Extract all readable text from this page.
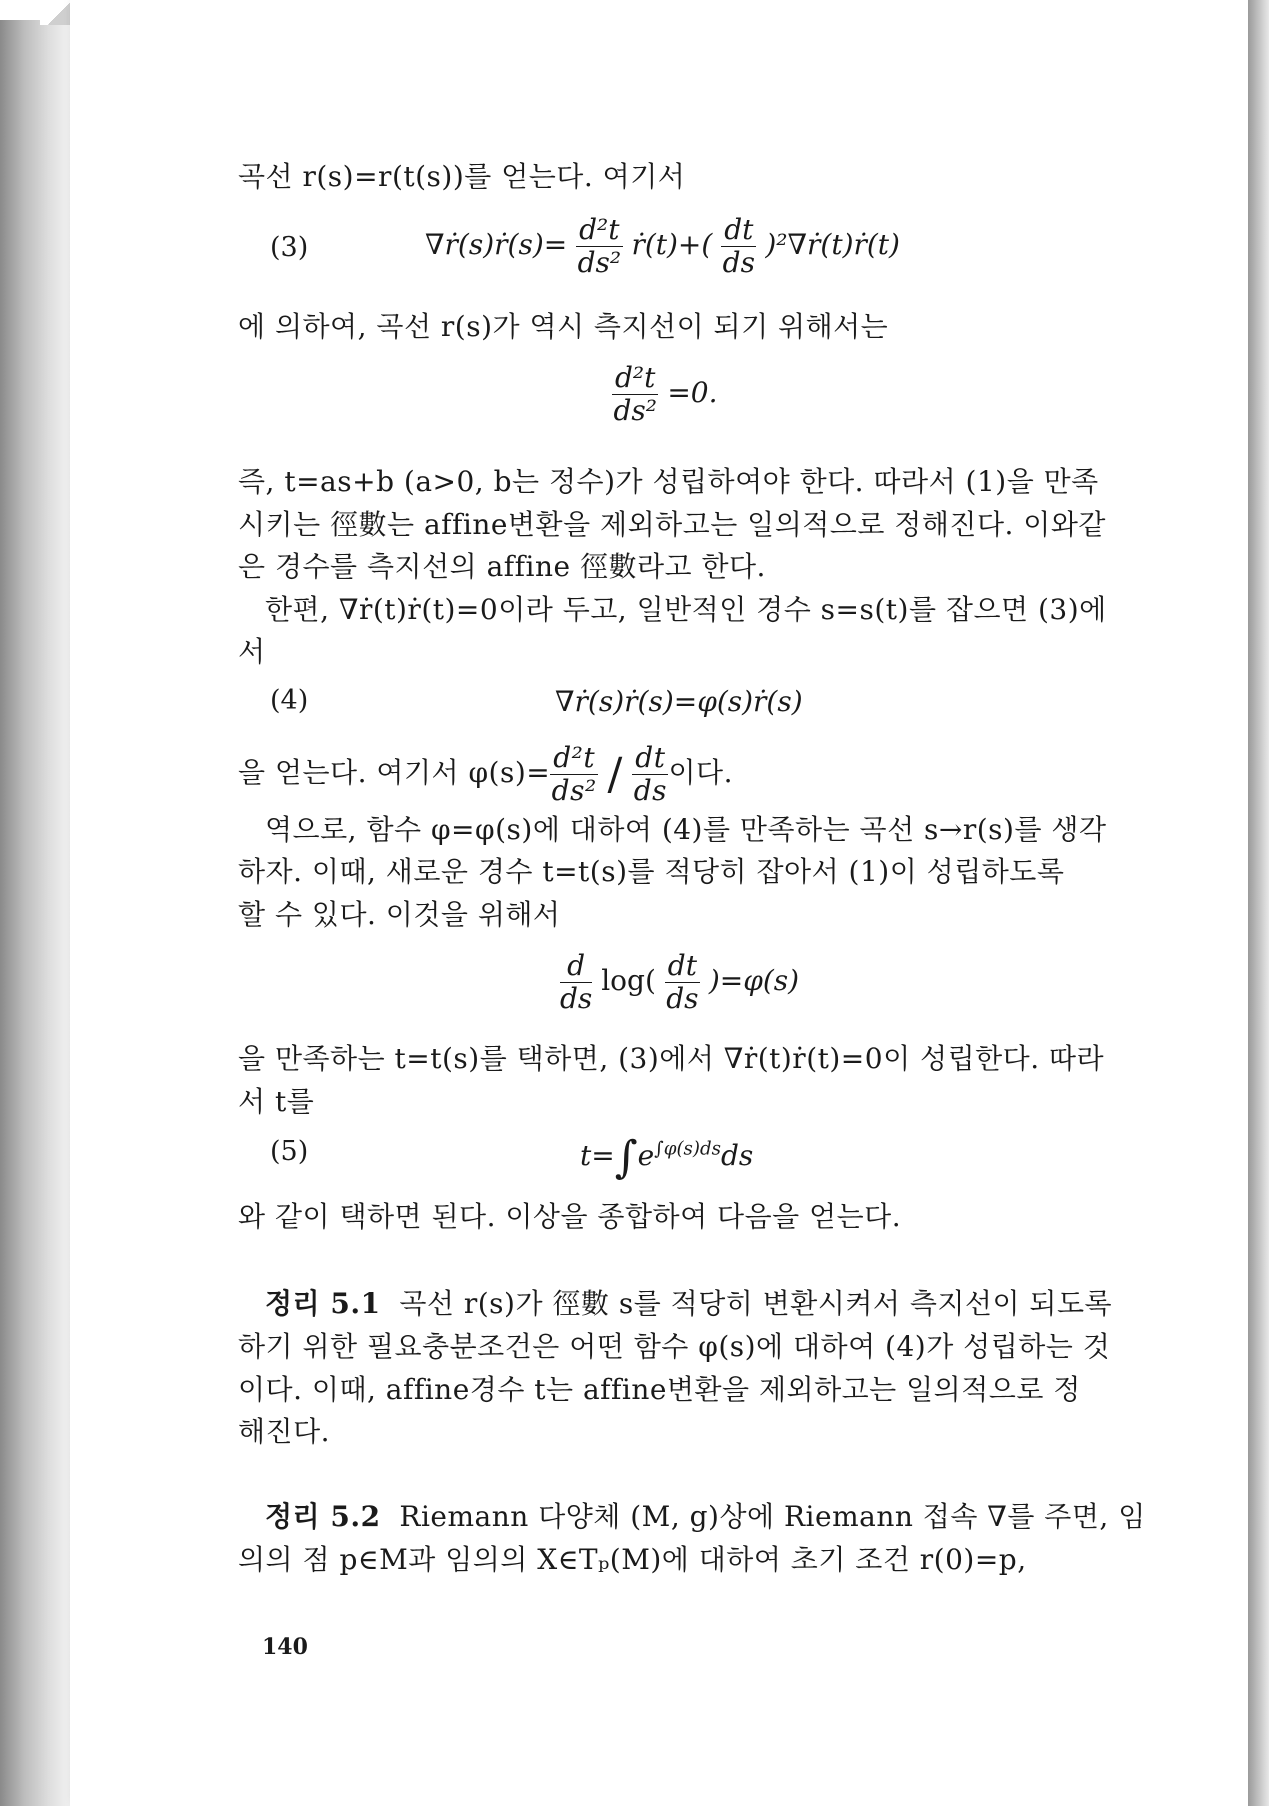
곡선 r(s)=r(t(s))를 얻는다. 여기서
(3)	∇ṙ(s)ṙ(s)= $\frac{\text{d²t}}{\text{ds²}}$ ṙ(t)+( $\frac{dt}{ds}$ )²∇ṙ(t)ṙ(t)
에 의하여, 곡선 r(s)가 역시 측지선이 되기 위해서는
$\frac{\text{d²t}}{\text{ds²}} =0$.
즉, t=as+b (a>0, b는 정수)가 성립하여야 한다. 따라서 (1)을 만족
시키는 徑數는 affine변환을 제외하고는 일의적으로 정해진다. 이와같
은 경수를 측지선의 affine 徑數라고 한다.
한편, ∇ṙ(t)ṙ(t)=0이라 두고, 일반적인 경수 s=s(t)를 잡으면 (3)에
서
(4)	∇ṙ(s)ṙ(s)=φ(s)ṙ(s)
을 얻는다. 여기서 $\varphi(s)= \frac{\text{d²t}}{\text{ds²}} / \frac{dt}{ds}$ 이다.
역으로, 함수 φ=φ(s)에 대하여 (4)를 만족하는 곡선 s→r(s)를 생각
하자. 이때, 새로운 경수 t=t(s)를 적당히 잡아서 (1)이 성립하도록
할 수 있다. 이것을 위해서
$\frac{d}{ds} \log( \frac{dt}{ds} )=\varphi(s)$
을 만족하는 t=t(s)를 택하면, (3)에서 ∇ṙ(t)ṙ(t)=0이 성립한다. 따라
서 t를
(5)	$t=\int e^{\int\varphi(s)ds}ds$
와 같이 택하면 된다. 이상을 종합하여 다음을 얻는다.
정리 5.1 곡선 r(s)가 徑數 s를 적당히 변환시켜서 측지선이 되도록
하기 위한 필요충분조건은 어떤 함수 φ(s)에 대하여 (4)가 성립하는 것
이다. 이때, affine경수 t는 affine변환을 제외하고는 일의적으로 정
해진다.
정리 5.2 Riemann 다양체 (M, g)상에 Riemann 접속 ∇를 주면, 임
의의 점 p∈M과 임의의 X∈Tₚ(M)에 대하여 초기 조건 r(0)=p,
140
